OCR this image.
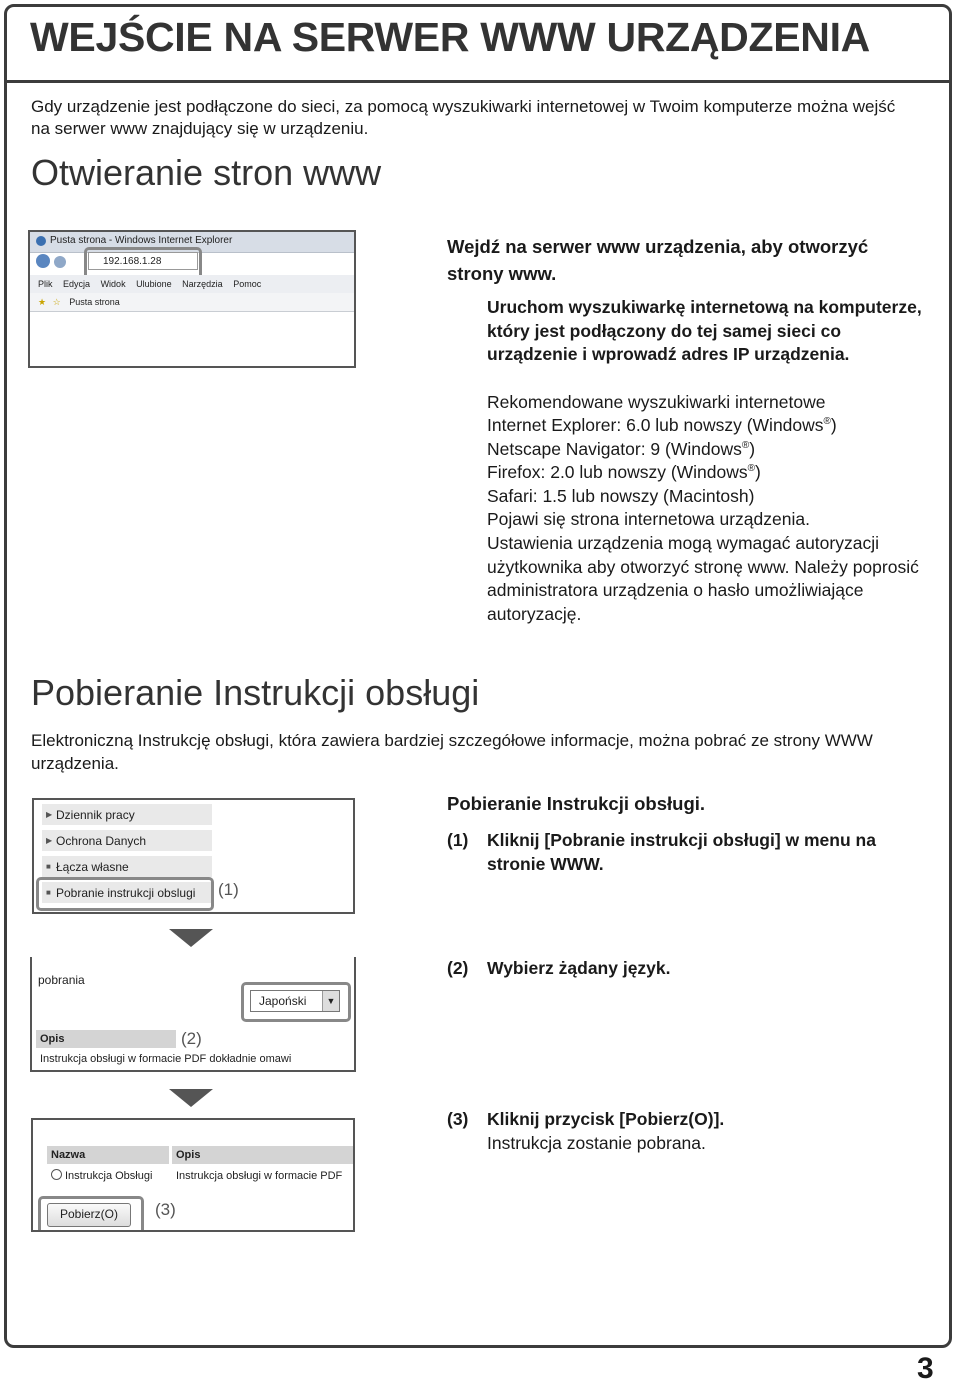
WEJŚCIE NA SERWER WWW URZĄDZENIA
Gdy urządzenie jest podłączone do sieci, za pomocą wyszukiwarki internetowej w Twoim komputerze można wejść na serwer www znajdujący się w urządzeniu.
Otwieranie stron www
Pusta strona - Windows Internet Explorer
192.168.1.28
Plik Edycja Widok Ulubione Narzędzia Pomoc
★ ☆ Pusta strona
Wejdź na serwer www urządzenia, aby otworzyć strony www.
Uruchom wyszukiwarkę internetową na komputerze, który jest podłączony do tej samej sieci co urządzenie i wprowadź adres IP urządzenia.
Rekomendowane wyszukiwarki internetowe
Internet Explorer: 6.0 lub nowszy (Windows®)
Netscape Navigator: 9 (Windows®)
Firefox: 2.0 lub nowszy (Windows®)
Safari: 1.5 lub nowszy (Macintosh)
Pojawi się strona internetowa urządzenia.
Ustawienia urządzenia mogą wymagać autoryzacji użytkownika aby otworzyć stronę www. Należy poprosić administratora urządzenia o hasło umożliwiające autoryzację.
Pobieranie Instrukcji obsługi
Elektroniczną Instrukcję obsługi, która zawiera bardziej szczegółowe informacje, można pobrać ze strony WWW urządzenia.
▶ Dziennik pracy
▶ Ochrona Danych
■ Łącza własne
■ Pobranie instrukcji obslugi	(1)
pobrania
Japoński	▼
Opis
Instrukcja obsługi w formacie PDF dokładnie omawi
(2)
Nazwa	Opis
Instrukcja Obsługi	Instrukcja obsługi w formacie PDF
Pobierz(O)	(3)
Pobieranie Instrukcji obsługi.
(1) Kliknij [Pobranie instrukcji obsługi] w menu na stronie WWW.
(2) Wybierz żądany język.
(3) Kliknij przycisk [Pobierz(O)].
Instrukcja zostanie pobrana.
3
